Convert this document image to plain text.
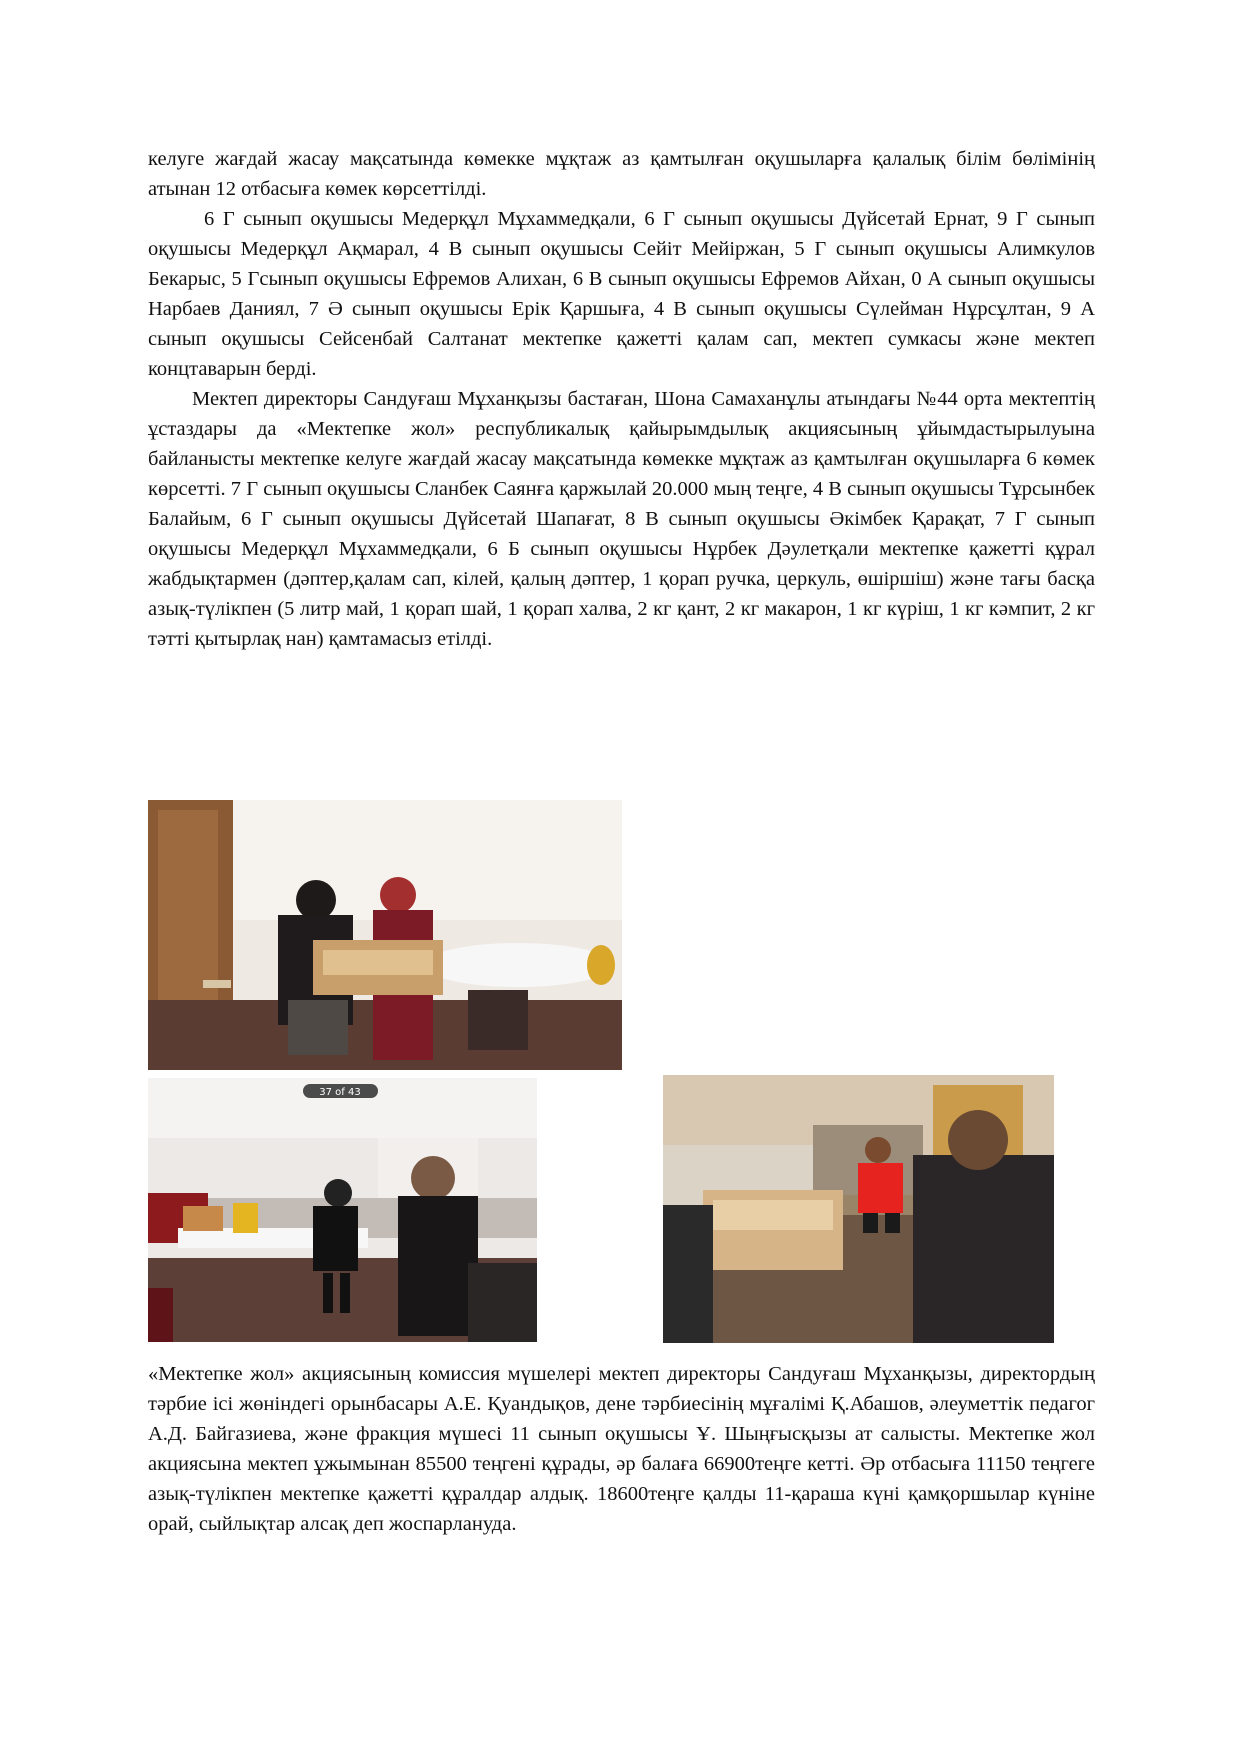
келуге жағдай жасау мақсатында көмекке мұқтаж аз қамтылған оқушыларға қалалық білім бөлімінің атынан 12 отбасыға көмек көрсеттілді.

6 Г сынып оқушысы Медерқұл Мұхаммедқали, 6 Г сынып оқушысы Дүйсетай Ернат, 9 Г сынып оқушысы Медерқұл Ақмарал, 4 В сынып оқушысы Сейіт Мейіржан, 5 Г сынып оқушысы Алимкулов Бекарыс, 5 Гсынып оқушысы Ефремов Алихан, 6 В сынып оқушысы Ефремов Айхан, 0 А сынып оқушысы Нарбаев Даниял, 7 Ә сынып оқушысы Ерік Қаршыға, 4 В сынып оқушысы Сүлейман Нұрсұлтан, 9 А сынып оқушысы Сейсенбай Салтанат мектепке қажетті қалам сап, мектеп сумкасы және мектеп концтаварын берді.

Мектеп директоры Сандуғаш Мұханқызы бастаған, Шона Самаханұлы атындағы №44 орта мектептің ұстаздары да «Мектепке жол» республикалық қайырымдылық акциясының ұйымдастырылуына байланысты мектепке келуге жағдай жасау мақсатында көмекке мұқтаж аз қамтылған оқушыларға 6 көмек көрсетті. 7 Г сынып оқушысы Сланбек Саянға қаржылай 20.000 мың теңге, 4 В сынып оқушысы Тұрсынбек Балайым, 6 Г сынып оқушысы Дүйсетай Шапағат, 8 В сынып оқушысы Әкімбек Қарақат, 7 Г сынып оқушысы Медерқұл Мұхаммедқали, 6 Б сынып оқушысы Нұрбек Дәулетқали мектепке қажетті құрал жабдықтармен (дәптер,қалам сап, кілей, қалың дәптер, 1 қорап ручка, церкуль, өшіршіш) және тағы басқа азық-түлікпен (5 литр май, 1 қорап шай, 1 қорап халва, 2 кг қант, 2 кг макарон, 1 кг күріш, 1 кг кәмпит, 2 кг тәтті қытырлақ нан) қамтамасыз етілді.

37 of 43

«Мектепке жол» акциясының комиссия мүшелері мектеп директоры Сандуғаш Мұханқызы, директордың тәрбие ісі жөніндегі орынбасары А.Е. Қуандықов, дене тәрбиесінің мұғалімі Қ.Абашов, әлеуметтік педагог А.Д. Байгазиева, және фракция мүшесі 11 сынып оқушысы Ұ. Шыңғысқызы ат салысты. Мектепке жол акциясына мектеп ұжымынан 85500 теңгені құрады, әр балаға 66900теңге кетті. Әр отбасыға 11150 теңгеге азық-түлікпен мектепке қажетті құралдар алдық. 18600теңге қалды 11-қараша күні қамқоршылар күніне орай, сыйлықтар алсақ деп жоспарлануда.
